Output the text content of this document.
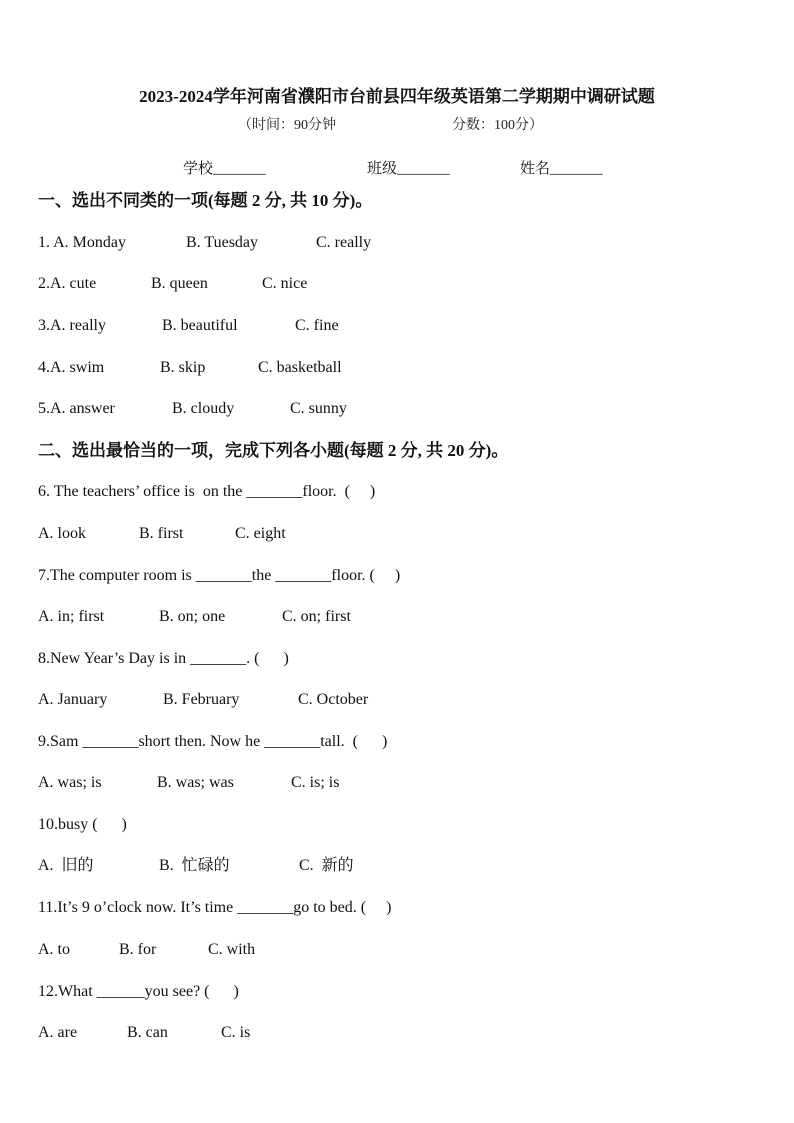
2023-2024学年河南省濮阳市台前县四年级英语第二学期期中调研试题
（时间：90分钟	分数：100分）
学校_______	班级_______	姓名_______
一、选出不同类的一项(每题 2 分, 共 10 分)。
1. A. Monday	B. Tuesday	C. really
2.A. cute	B. queen	C. nice
3.A. really	B. beautiful	C. fine
4.A. swim	B. skip	C. basketball
5.A. answer	B. cloudy	C. sunny
二、选出最恰当的一项，完成下列各小题(每题 2 分, 共 20 分)。
6. The teachers’ office is  on the _______floor.  (     )
A. look	B. first	C. eight
7.The computer room is _______the _______floor. (     )
A. in; first	B. on; one	C. on; first
8.New Year’s Day is in _______. (      )
A. January	B. February	C. October
9.Sam _______short then. Now he _______tall.  (      )
A. was; is	B. was; was	C. is; is
10.busy (      )
A.  旧的	B.  忙碌的	C.  新的
11.It’s 9 o’clock now. It’s time _______go to bed. (     )
A. to	B. for	C. with
12.What ______you see? (      )
A. are	B. can	C. is
